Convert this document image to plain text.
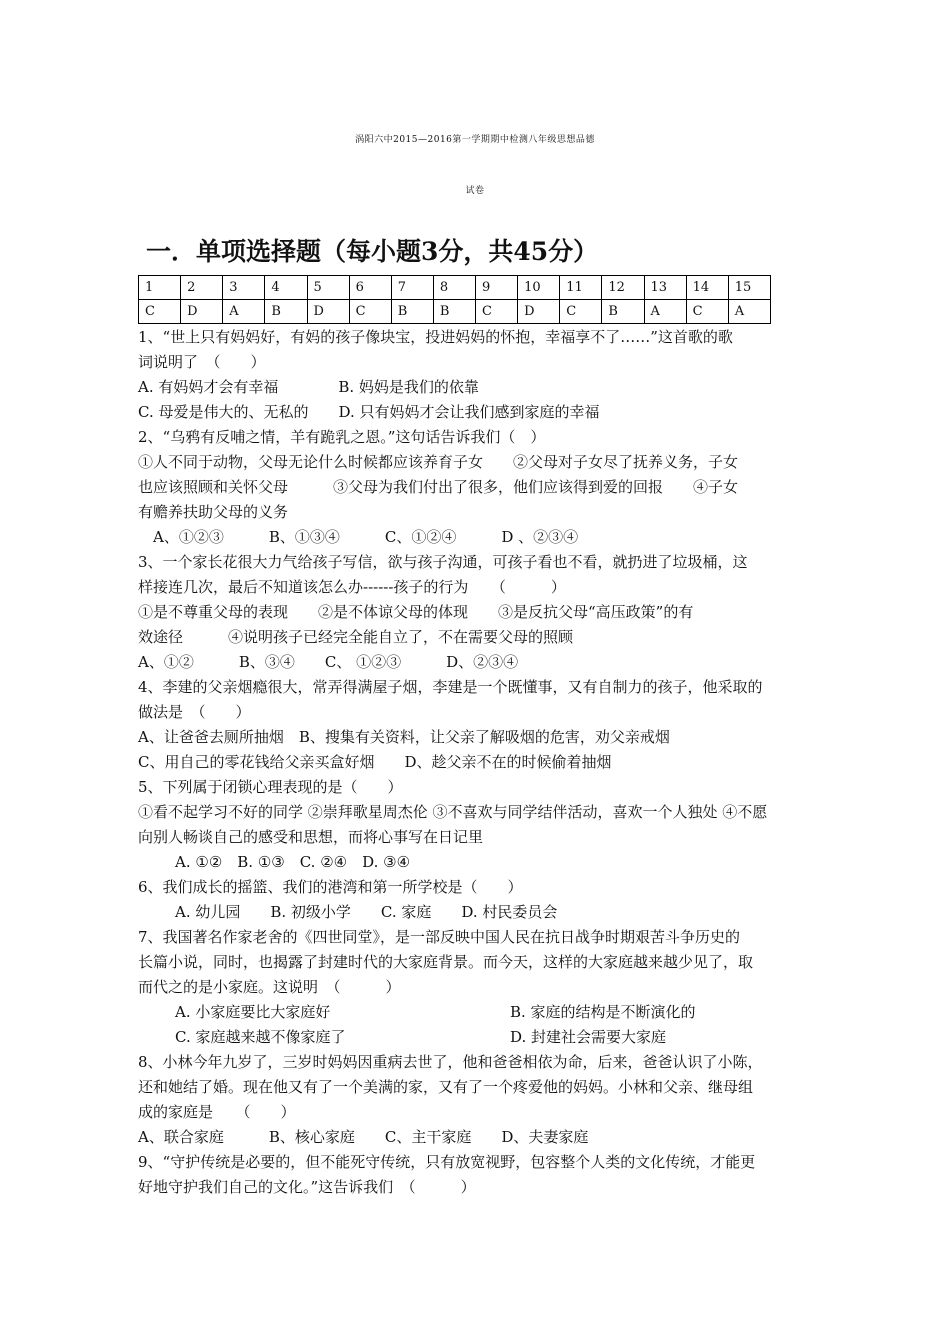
涡阳六中2015—2016第一学期期中检测八年级思想品德
试卷
一．单项选择题（每小题3分，共45分）
1	2	3	4	5	6	7	8	9	10	11	12	13	14	15
C	D	A	B	D	C	B	B	C	D	C	B	A	C	A
1、“世上只有妈妈好，有妈的孩子像块宝，投进妈妈的怀抱，幸福享不了……”这首歌的歌
词说明了　（　　）
A. 有妈妈才会有幸福　　　　B. 妈妈是我们的依靠
C. 母爱是伟大的、无私的　　D. 只有妈妈才会让我们感到家庭的幸福
2、“乌鸦有反哺之情，羊有跪乳之恩。”这句话告诉我们（　）
①人不同于动物，父母无论什么时候都应该养育子女　　②父母对子女尽了抚养义务，子女
也应该照顾和关怀父母　　　③父母为我们付出了很多，他们应该得到爱的回报　　④子女
有赡养扶助父母的义务
　A、①②③　　　B、①③④　　　C、①②④　　　D 、②③④
3、一个家长花很大力气给孩子写信，欲与孩子沟通，可孩子看也不看，就扔进了垃圾桶，这
样接连几次，最后不知道该怎么办------孩子的行为　　（　　　）
①是不尊重父母的表现　　②是不体谅父母的体现　　③是反抗父母“高压政策”的有
效途径　　　④说明孩子已经完全能自立了，不在需要父母的照顾
A、①②　　　B、③④　　C、 ①②③　　　D、②③④
4、李建的父亲烟瘾很大，常弄得满屋子烟，李建是一个既懂事，又有自制力的孩子，他采取的
做法是　（　　）
A、让爸爸去厕所抽烟　B、搜集有关资料，让父亲了解吸烟的危害，劝父亲戒烟
C、用自己的零花钱给父亲买盒好烟　　D、趁父亲不在的时候偷着抽烟
5、下列属于闭锁心理表现的是（　　）
①看不起学习不好的同学 ②崇拜歌星周杰伦 ③不喜欢与同学结伴活动，喜欢一个人独处 ④不愿
向别人畅谈自己的感受和思想，而将心事写在日记里
A. ①②　B. ①③　C. ②④　D. ③④
6、我们成长的摇篮、我们的港湾和第一所学校是（　　）
A. 幼儿园　　B. 初级小学　　C. 家庭　　D. 村民委员会
7、我国著名作家老舍的《四世同堂》，是一部反映中国人民在抗日战争时期艰苦斗争历史的
长篇小说，同时，也揭露了封建时代的大家庭背景。而今天，这样的大家庭越来越少见了，取
而代之的是小家庭。这说明　（　　　）
A. 小家庭要比大家庭好	B. 家庭的结构是不断演化的
C. 家庭越来越不像家庭了	D. 封建社会需要大家庭
8、小林今年九岁了，三岁时妈妈因重病去世了，他和爸爸相依为命，后来，爸爸认识了小陈，
还和她结了婚。现在他又有了一个美满的家，又有了一个疼爱他的妈妈。小林和父亲、继母组
成的家庭是　　（　　）
A、联合家庭　　　B、核心家庭　　C、主干家庭　　D、夫妻家庭
9、“守护传统是必要的，但不能死守传统，只有放宽视野，包容整个人类的文化传统，才能更
好地守护我们自己的文化。”这告诉我们　（　　　）
